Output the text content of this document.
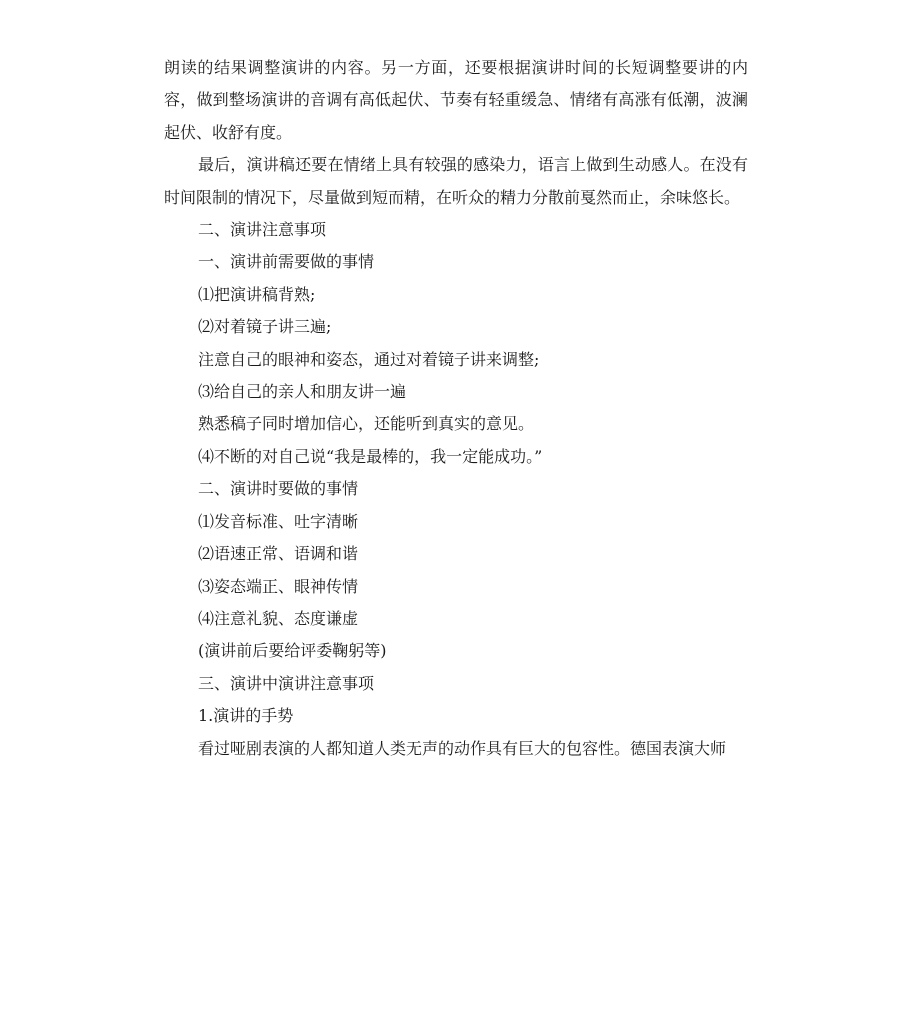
朗读的结果调整演讲的内容。另一方面，还要根据演讲时间的长短调整要讲的内容，做到整场演讲的音调有高低起伏、节奏有轻重缓急、情绪有高涨有低潮，波澜起伏、收舒有度。

最后，演讲稿还要在情绪上具有较强的感染力，语言上做到生动感人。在没有时间限制的情况下，尽量做到短而精，在听众的精力分散前戛然而止，余味悠长。

二、演讲注意事项

一、演讲前需要做的事情

⑴把演讲稿背熟;

⑵对着镜子讲三遍;

注意自己的眼神和姿态，通过对着镜子讲来调整;

⑶给自己的亲人和朋友讲一遍

熟悉稿子同时增加信心，还能听到真实的意见。

⑷不断的对自己说“我是最棒的，我一定能成功。”

二、演讲时要做的事情

⑴发音标准、吐字清晰

⑵语速正常、语调和谐

⑶姿态端正、眼神传情

⑷注意礼貌、态度谦虚

(演讲前后要给评委鞠躬等)

三、演讲中演讲注意事项

1.演讲的手势

看过哑剧表演的人都知道人类无声的动作具有巨大的包容性。德国表演大师
